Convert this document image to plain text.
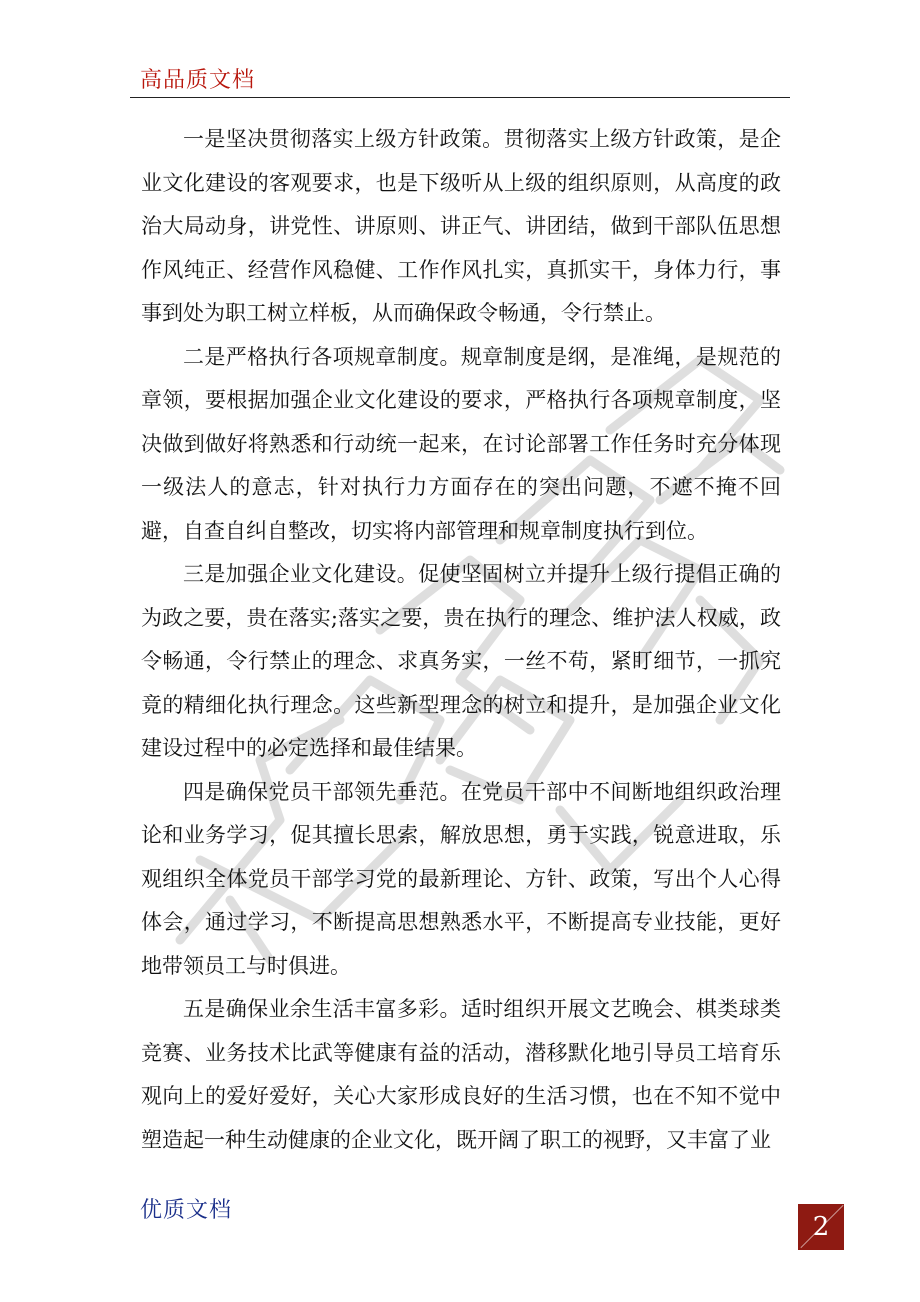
高品质文档

一是坚决贯彻落实上级方针政策。贯彻落实上级方针政策，是企业文化建设的客观要求，也是下级听从上级的组织原则，从高度的政治大局动身，讲党性、讲原则、讲正气、讲团结，做到干部队伍思想作风纯正、经营作风稳健、工作作风扎实，真抓实干，身体力行，事事到处为职工树立样板，从而确保政令畅通，令行禁止。

二是严格执行各项规章制度。规章制度是纲，是准绳，是规范的章领，要根据加强企业文化建设的要求，严格执行各项规章制度，坚决做到做好将熟悉和行动统一起来，在讨论部署工作任务时充分体现一级法人的意志，针对执行力方面存在的突出问题，不遮不掩不回避，自查自纠自整改，切实将内部管理和规章制度执行到位。

三是加强企业文化建设。促使坚固树立并提升上级行提倡正确的为政之要，贵在落实;落实之要，贵在执行的理念、维护法人权威，政令畅通，令行禁止的理念、求真务实，一丝不苟，紧盯细节，一抓究竟的精细化执行理念。这些新型理念的树立和提升，是加强企业文化建设过程中的必定选择和最佳结果。

四是确保党员干部领先垂范。在党员干部中不间断地组织政治理论和业务学习，促其擅长思索，解放思想，勇于实践，锐意进取，乐观组织全体党员干部学习党的最新理论、方针、政策，写出个人心得体会，通过学习，不断提高思想熟悉水平，不断提高专业技能，更好地带领员工与时俱进。

五是确保业余生活丰富多彩。适时组织开展文艺晚会、棋类球类竞赛、业务技术比武等健康有益的活动，潜移默化地引导员工培育乐观向上的爱好爱好，关心大家形成良好的生活习惯，也在不知不觉中塑造起一种生动健康的企业文化，既开阔了职工的视野，又丰富了业

优质文档
2
